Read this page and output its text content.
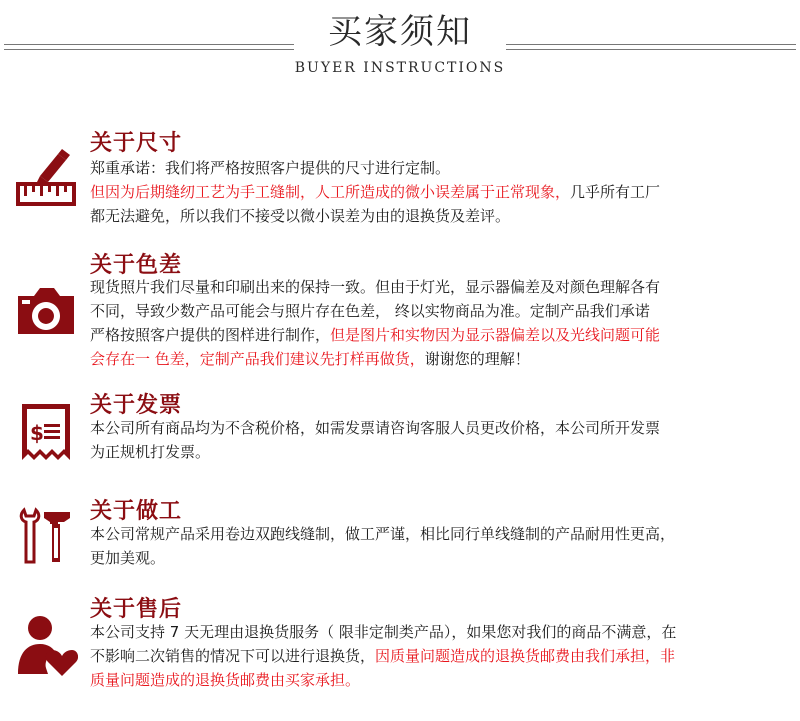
买家须知
BUYER INSTRUCTIONS
关于尺寸
郑重承诺：我们将严格按照客户提供的尺寸进行定制。
但因为后期缝纫工艺为手工缝制，人工所造成的微小误差属于正常现象，几乎所有工厂
都无法避免，所以我们不接受以微小误差为由的退换货及差评。
关于色差
现货照片我们尽量和印刷出来的保持一致。但由于灯光，显示器偏差及对颜色理解各有
不同，导致少数产品可能会与照片存在色差， 终以实物商品为准。定制产品我们承诺
严格按照客户提供的图样进行制作，但是图片和实物因为显示器偏差以及光线问题可能
会存在一 色差，定制产品我们建议先打样再做货，谢谢您的理解！
$
关于发票
本公司所有商品均为不含税价格，如需发票请咨询客服人员更改价格，本公司所开发票
为正规机打发票。
关于做工
本公司常规产品采用卷边双跑线缝制，做工严谨，相比同行单线缝制的产品耐用性更高，
更加美观。
关于售后
本公司支持 7 天无理由退换货服务（ 限非定制类产品），如果您对我们的商品不满意，在
不影响二次销售的情况下可以进行退换货，因质量问题造成的退换货邮费由我们承担，非
质量问题造成的退换货邮费由买家承担。
